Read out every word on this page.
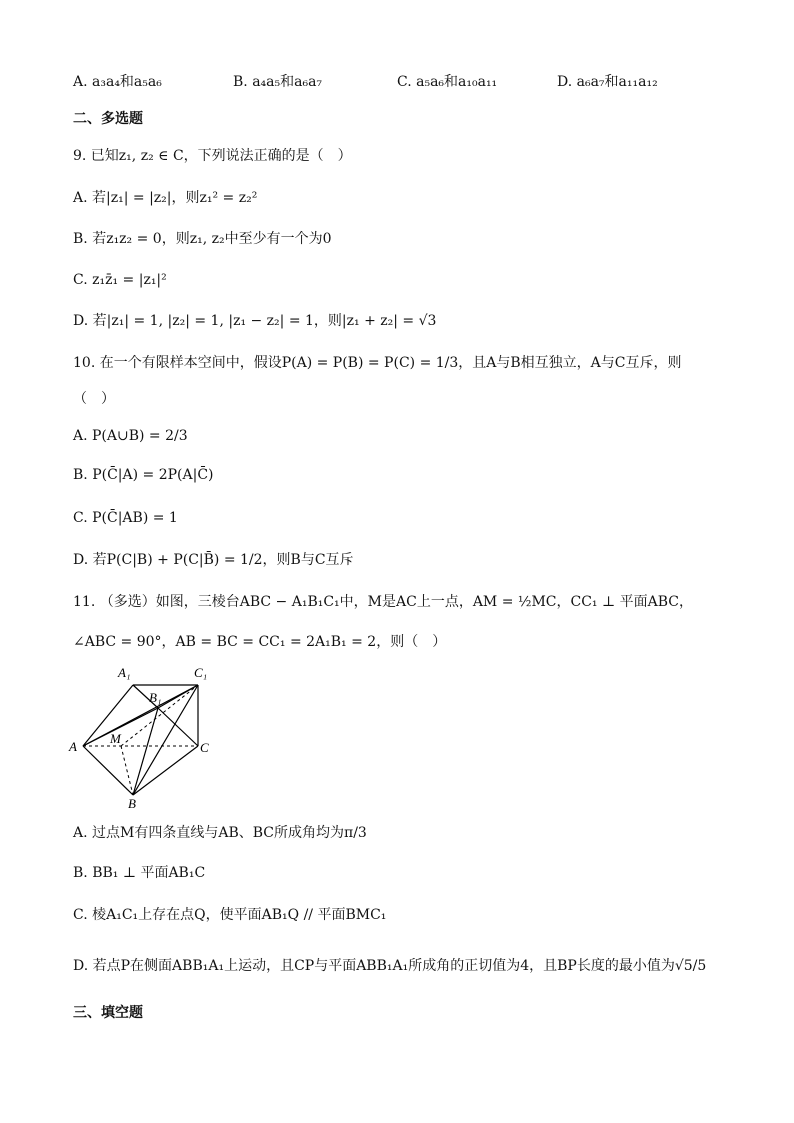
A. a₃a₄和a₅a₆	B. a₄a₅和a₆a₇	C. a₅a₆和a₁₀a₁₁	D. a₆a₇和a₁₁a₁₂
二、多选题
9. 已知z₁, z₂ ∈ C，下列说法正确的是（　）
A. 若|z₁| = |z₂|，则z₁² = z₂²
B. 若z₁z₂ = 0，则z₁, z₂中至少有一个为0
C. z₁z̄₁ = |z₁|²
D. 若|z₁| = 1, |z₂| = 1, |z₁ − z₂| = 1，则|z₁ + z₂| = √3
10. 在一个有限样本空间中，假设P(A) = P(B) = P(C) = 1/3，且A与B相互独立，A与C互斥，则
（　）
A. P(A∪B) = 2/3
B. P(C̄|A) = 2P(A|C̄)
C. P(C̄|AB) = 1
D. 若P(C|B) + P(C|B̄) = 1/2，则B与C互斥
11. （多选）如图，三棱台ABC − A₁B₁C₁中，M是AC上一点，AM = ½MC，CC₁ ⊥ 平面ABC，
∠ABC = 90°，AB = BC = CC₁ = 2A₁B₁ = 2，则（　）
A₁	C₁
B₁
A
M
C
B
A. 过点M有四条直线与AB、BC所成角均为π/3
B. BB₁ ⊥ 平面AB₁C
C. 棱A₁C₁上存在点Q，使平面AB₁Q // 平面BMC₁
D. 若点P在侧面ABB₁A₁上运动，且CP与平面ABB₁A₁所成角的正切值为4，且BP长度的最小值为√5/5
三、填空题
